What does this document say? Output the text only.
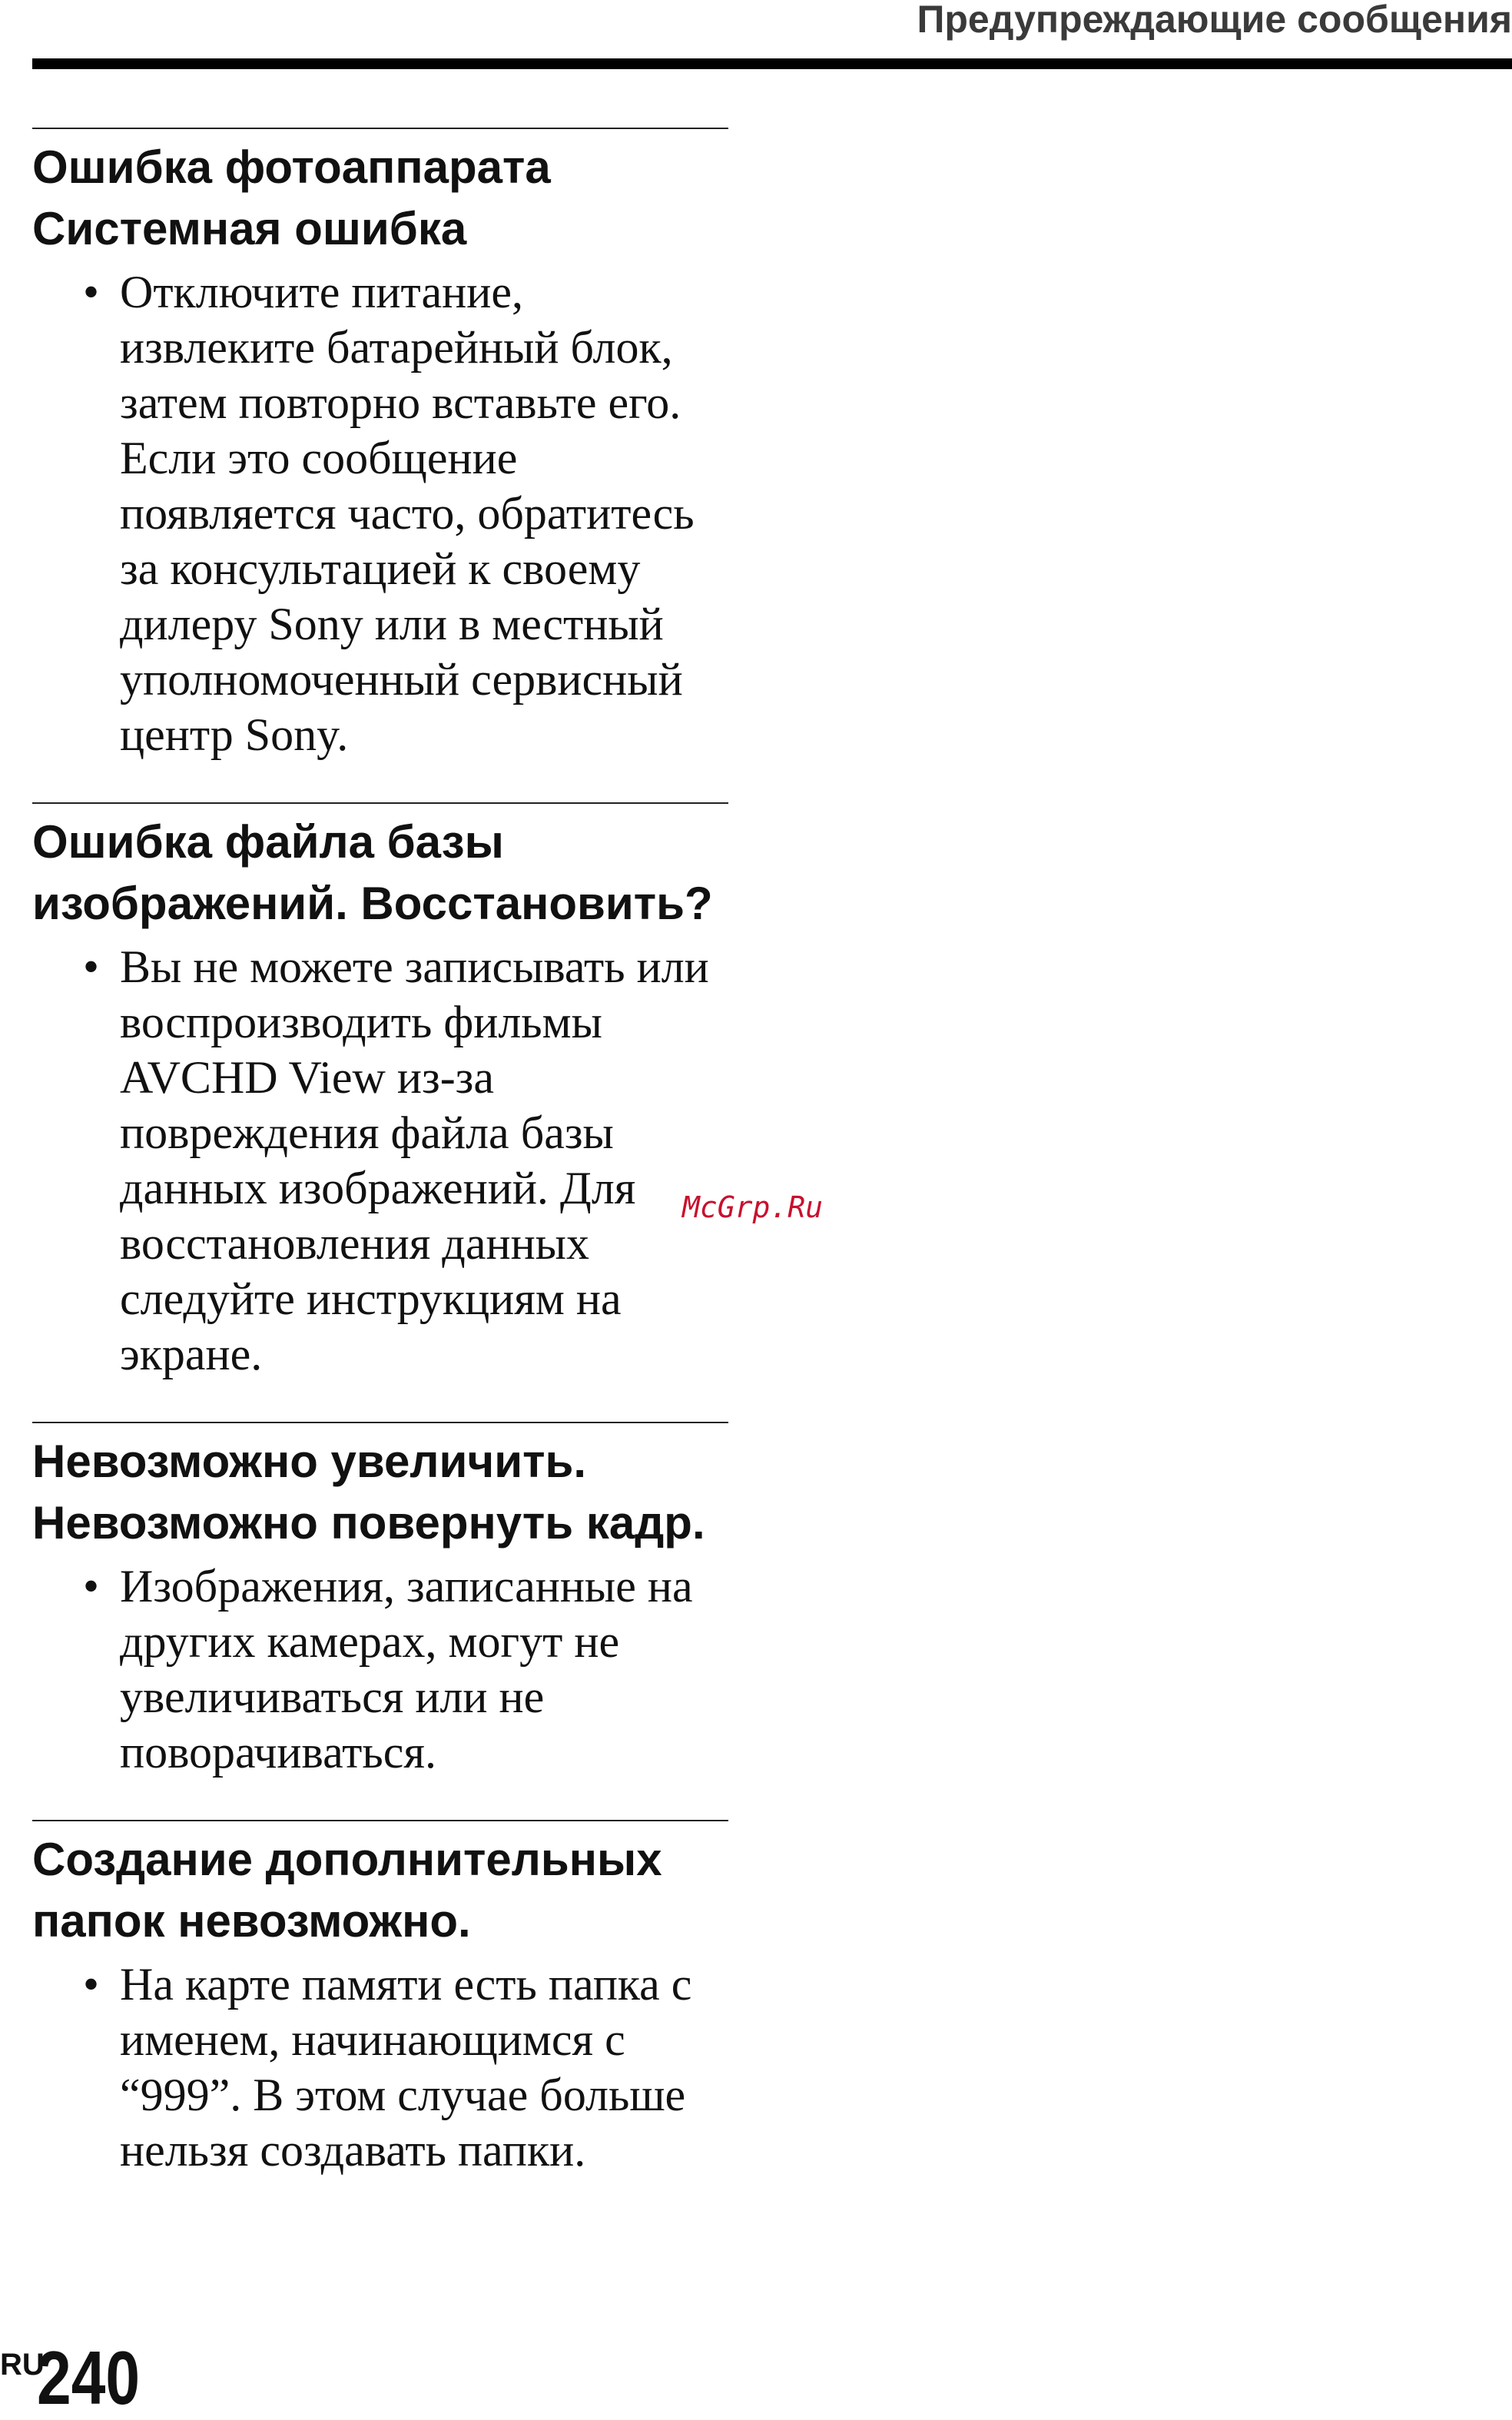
Предупреждающие сообщения
Ошибка фотоаппарата Системная ошибка
• Отключите питание, извлеките батарейный блок, затем повторно вставьте его. Если это сообщение появляется часто, обратитесь за консультацией к своему дилеру Sony или в местный уполномоченный сервисный центр Sony.
Ошибка файла базы изображений. Восстановить?
• Вы не можете записывать или воспроизводить фильмы AVCHD View из-за повреждения файла базы данных изображений. Для восстановления данных следуйте инструкциям на экране.
Невозможно увеличить. Невозможно повернуть кадр.
• Изображения, записанные на других камерах, могут не увеличиваться или не поворачиваться.
Создание дополнительных папок невозможно.
• На карте памяти есть папка с именем, начинающимся с “999”. В этом случае больше нельзя создавать папки.
McGrp.Ru
RU
240
